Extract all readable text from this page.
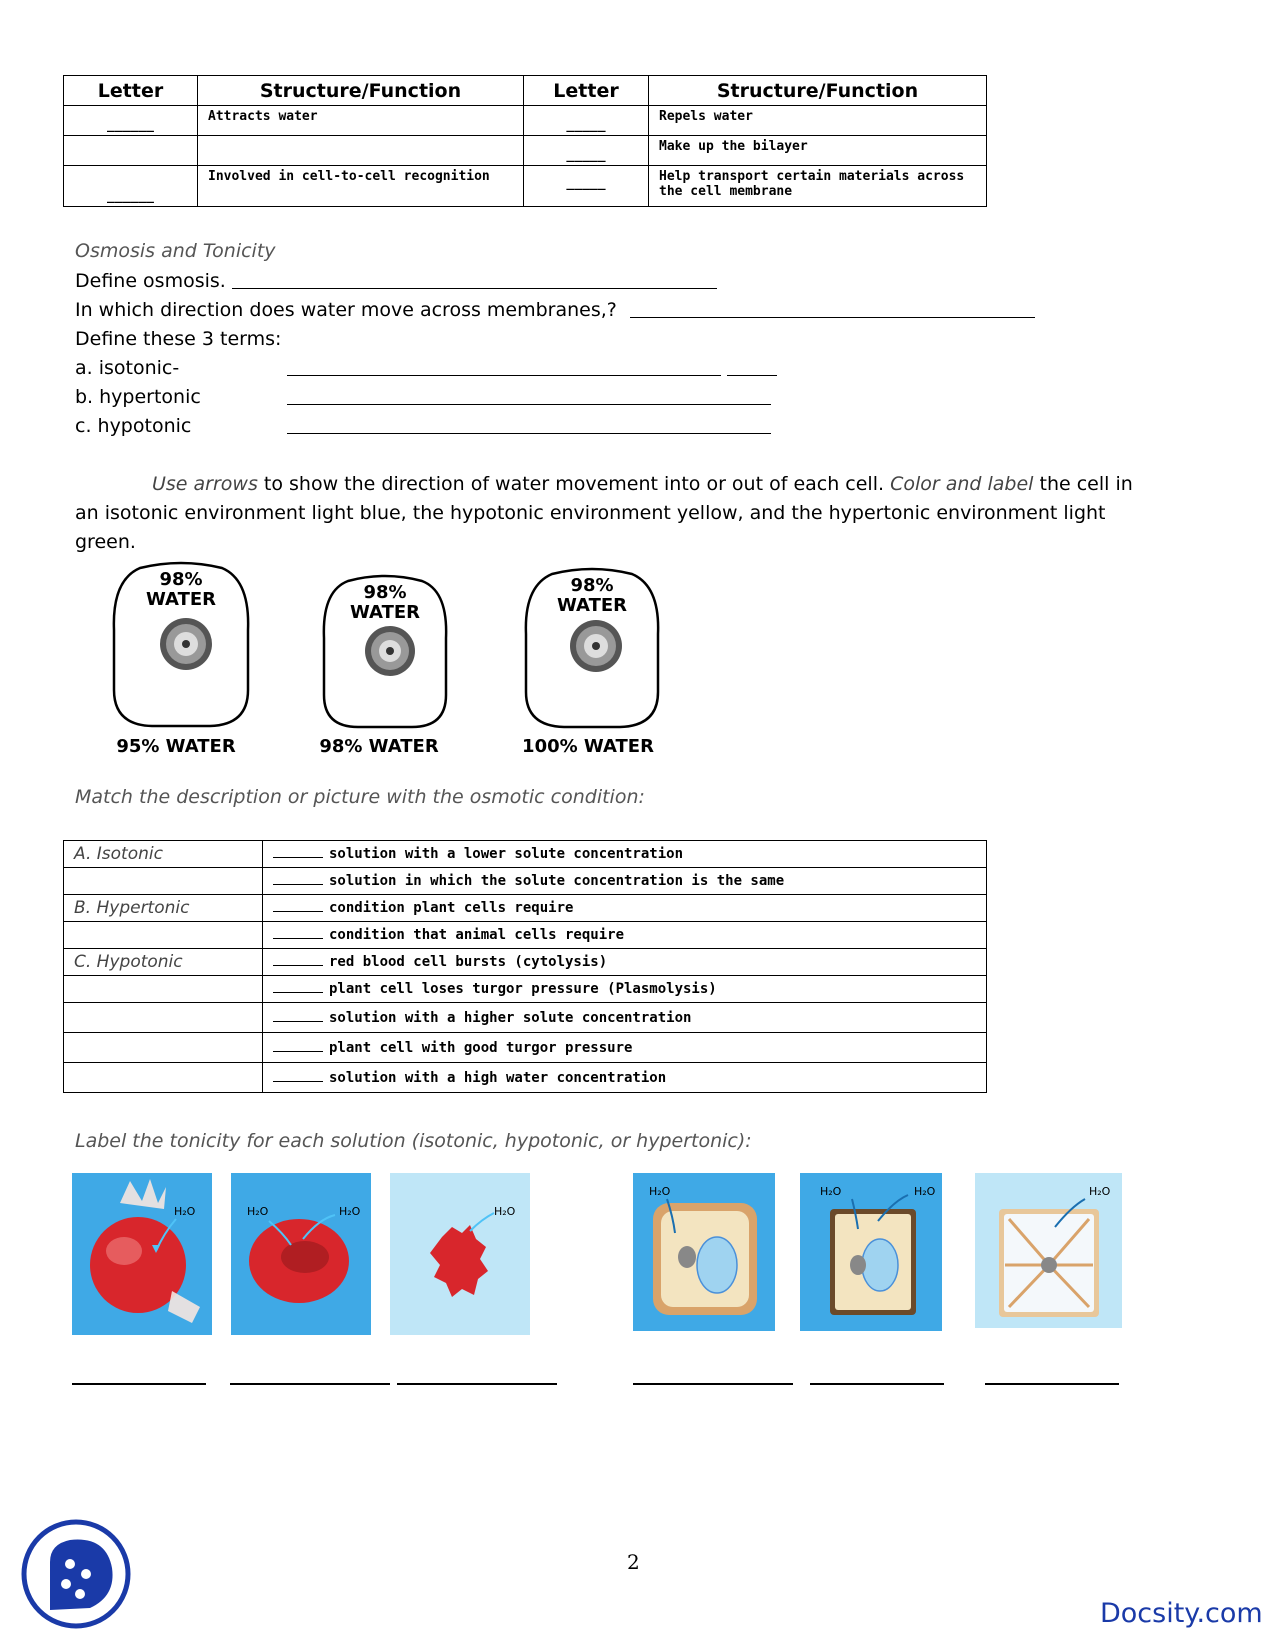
Letter	Structure/Function	Letter	Structure/Function
______	Attracts water	_____	Repels water
		_____	Make up the bilayer
______	Involved in cell-to-cell recognition	_____	Help transport certain materials across the cell membrane
Osmosis and Tonicity
Define osmosis.
In which direction does water move across membranes,?
Define these 3 terms:
a. isotonic-
b. hypertonic
c. hypotonic
Use arrows to show the direction of water movement into or out of each cell. Color and label the cell in an isotonic environment light blue, the hypotonic environment yellow, and the hypertonic environment light green.
98%
WATER
95% WATER
98%
WATER
98% WATER
98%
WATER
100% WATER
Match the description or picture with the osmotic condition:
A. Isotonic	solution with a lower solute concentration
	solution in which the solute concentration is the same
B. Hypertonic	condition plant cells require
	condition that animal cells require
C. Hypotonic	red blood cell bursts (cytolysis)
	plant cell loses turgor pressure (Plasmolysis)
	solution with a higher solute concentration
	plant cell with good turgor pressure
	solution with a high water concentration
Label the tonicity for each solution (isotonic, hypotonic, or hypertonic):
H₂O	H₂O	H₂O	H₂O
H₂O	H₂O	H₂O	H₂O
2
Docsity.com
